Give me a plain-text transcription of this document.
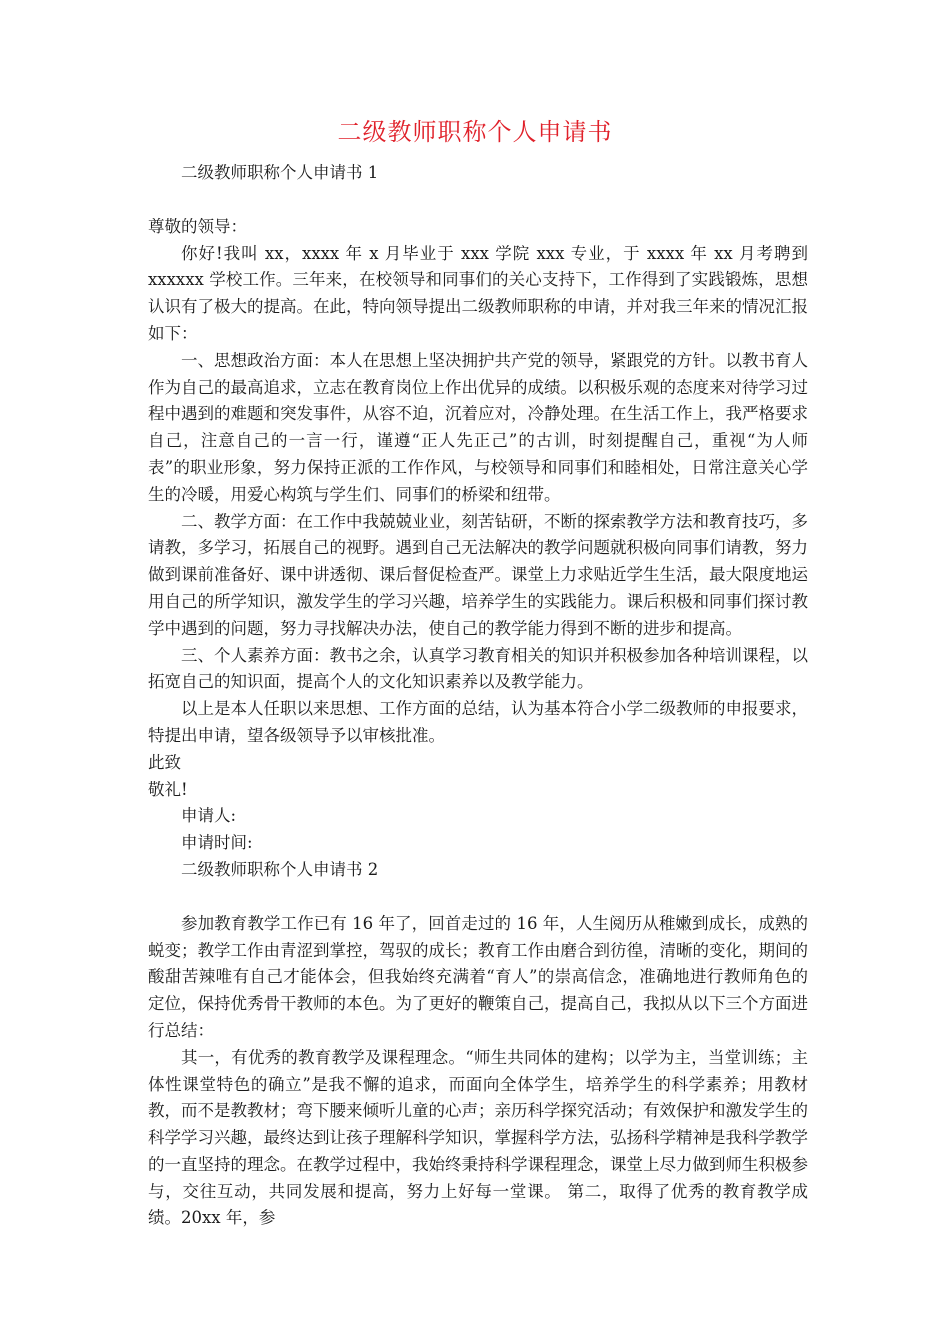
二级教师职称个人申请书

二级教师职称个人申请书 1

尊敬的领导：

你好!我叫 xx，xxxx 年 x 月毕业于 xxx 学院 xxx 专业，于 xxxx 年 xx 月考聘到 xxxxxx 学校工作。三年来，在校领导和同事们的关心支持下，工作得到了实践锻炼，思想认识有了极大的提高。在此，特向领导提出二级教师职称的申请，并对我三年来的情况汇报如下：

一、思想政治方面：本人在思想上坚决拥护共产党的领导，紧跟党的方针。以教书育人作为自己的最高追求，立志在教育岗位上作出优异的成绩。以积极乐观的态度来对待学习过程中遇到的难题和突发事件，从容不迫，沉着应对，冷静处理。在生活工作上，我严格要求自己，注意自己的一言一行，谨遵“正人先正己”的古训，时刻提醒自己，重视“为人师表”的职业形象，努力保持正派的工作作风，与校领导和同事们和睦相处，日常注意关心学生的冷暖，用爱心构筑与学生们、同事们的桥梁和纽带。

二、教学方面：在工作中我兢兢业业，刻苦钻研，不断的探索教学方法和教育技巧，多请教，多学习，拓展自己的视野。遇到自己无法解决的教学问题就积极向同事们请教，努力做到课前准备好、课中讲透彻、课后督促检查严。课堂上力求贴近学生生活，最大限度地运用自己的所学知识，激发学生的学习兴趣，培养学生的实践能力。课后积极和同事们探讨教学中遇到的问题，努力寻找解决办法，使自己的教学能力得到不断的进步和提高。

三、个人素养方面：教书之余，认真学习教育相关的知识并积极参加各种培训课程，以拓宽自己的知识面，提高个人的文化知识素养以及教学能力。

以上是本人任职以来思想、工作方面的总结，认为基本符合小学二级教师的申报要求，特提出申请，望各级领导予以审核批准。

此致

敬礼!

申请人:

申请时间:

二级教师职称个人申请书 2

参加教育教学工作已有 16 年了，回首走过的 16 年，人生阅历从稚嫩到成长，成熟的蜕变；教学工作由青涩到掌控，驾驭的成长；教育工作由磨合到彷徨，清晰的变化，期间的酸甜苦辣唯有自己才能体会，但我始终充满着“育人”的崇高信念，准确地进行教师角色的定位，保持优秀骨干教师的本色。为了更好的鞭策自己，提高自己，我拟从以下三个方面进行总结：

其一，有优秀的教育教学及课程理念。“师生共同体的建构；以学为主，当堂训练；主体性课堂特色的确立”是我不懈的追求，而面向全体学生，培养学生的科学素养；用教材教，而不是教教材；弯下腰来倾听儿童的心声；亲历科学探究活动；有效保护和激发学生的科学学习兴趣，最终达到让孩子理解科学知识，掌握科学方法，弘扬科学精神是我科学教学的一直坚持的理念。在教学过程中，我始终秉持科学课程理念，课堂上尽力做到师生积极参与，交往互动，共同发展和提高，努力上好每一堂课。 第二，取得了优秀的教育教学成绩。20xx 年，参
